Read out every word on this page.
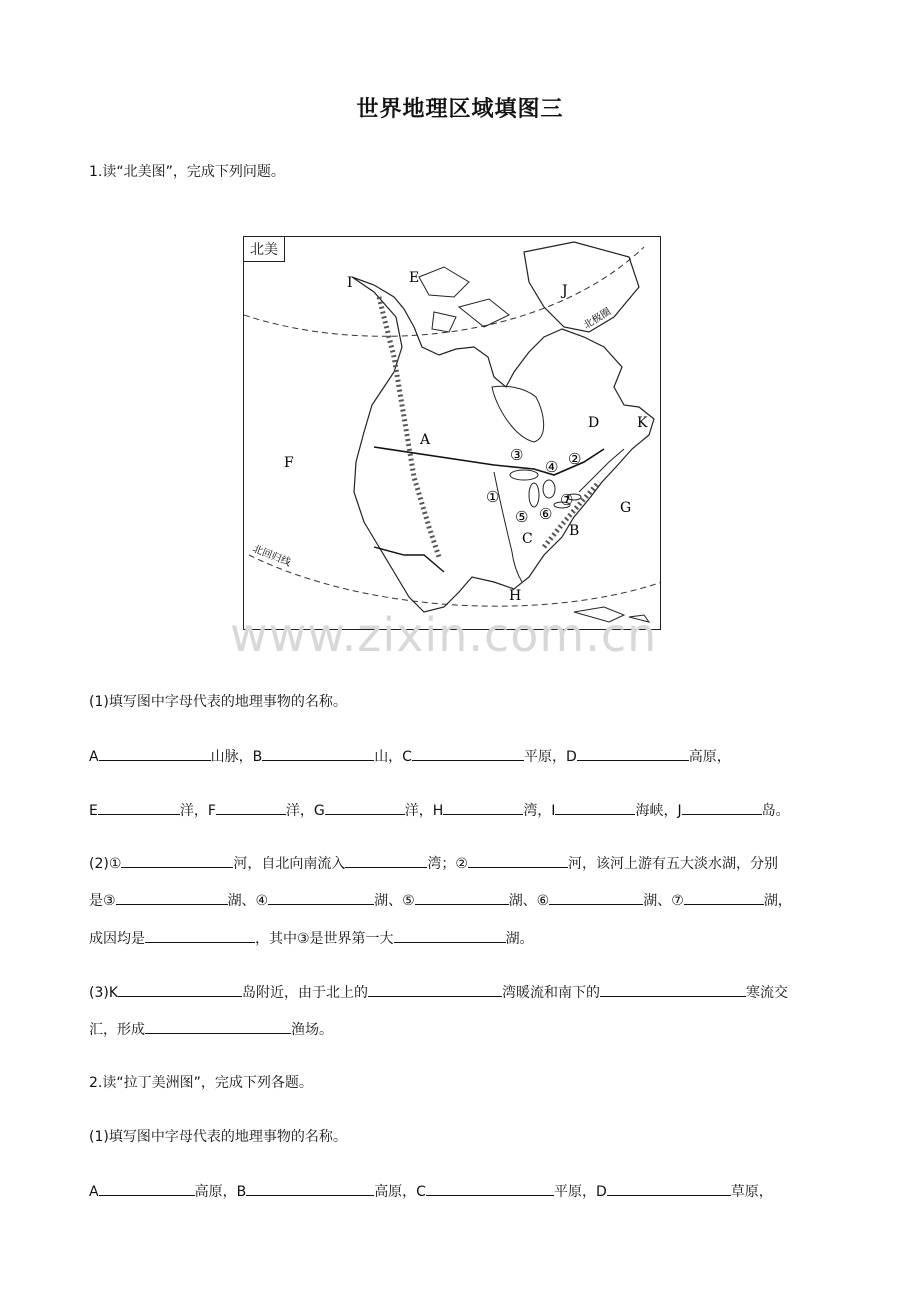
世界地理区域填图三
1.读“北美图”，完成下列问题。
A
B
C
D
E
F
G
H
I	J
K
①
②
③
④
⑤ ⑥
⑦
北极圈
北回归线
北美
www.zixin.com.cn
(1)填写图中字母代表的地理事物的名称。
A	山脉，B	山，C	平原，D	高原，
E	洋，F	洋，G	洋，H	湾，I	海峡，J	岛。
(2)①	河，自北向南流入	湾；②	河，该河上游有五大淡水湖，分别
是③	湖、④	湖、⑤	湖、⑥	湖、⑦	湖，
成因均是	，其中③是世界第一大	湖。
(3)K	岛附近，由于北上的	湾暖流和南下的	寒流交
汇，形成	渔场。
2.读“拉丁美洲图”，完成下列各题。
(1)填写图中字母代表的地理事物的名称。
A	高原，B	高原，C	平原，D	草原，
